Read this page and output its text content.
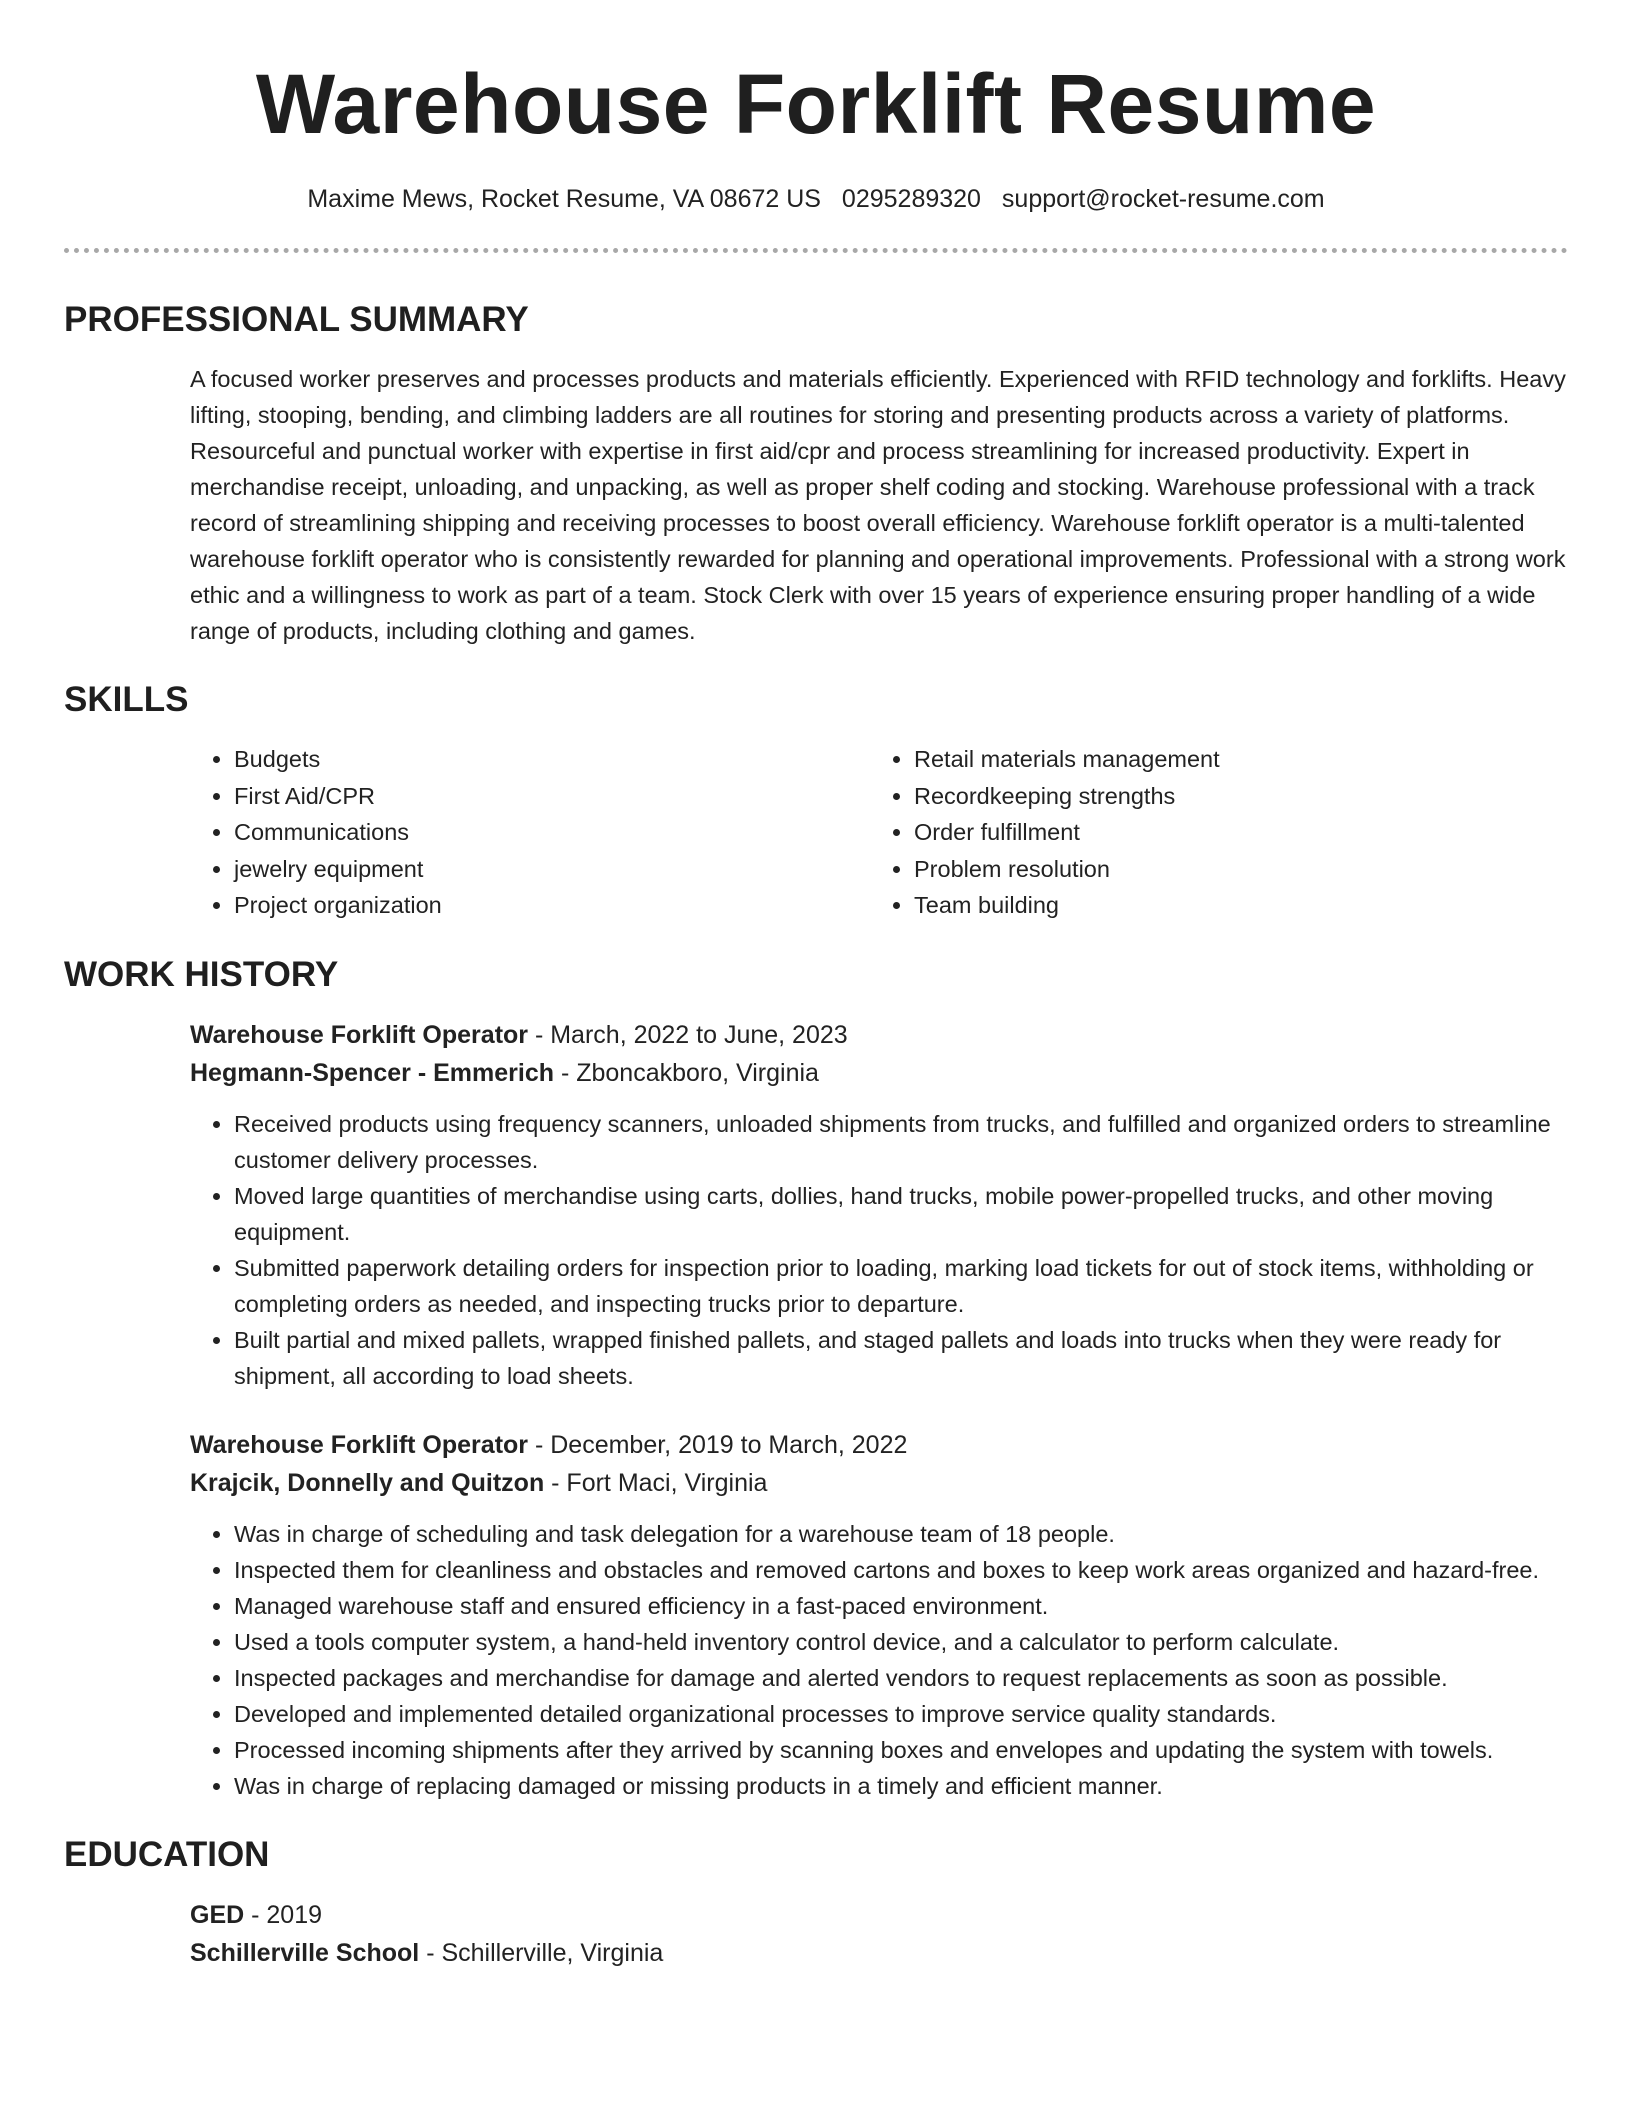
Warehouse Forklift Resume
Maxime Mews, Rocket Resume, VA 08672 US 0295289320 support@rocket-resume.com
PROFESSIONAL SUMMARY

A focused worker preserves and processes products and materials efficiently. Experienced with RFID technology and forklifts. Heavy lifting, stooping, bending, and climbing ladders are all routines for storing and presenting products across a variety of platforms. Resourceful and punctual worker with expertise in first aid/cpr and process streamlining for increased productivity. Expert in merchandise receipt, unloading, and unpacking, as well as proper shelf coding and stocking. Warehouse professional with a track record of streamlining shipping and receiving processes to boost overall efficiency. Warehouse forklift operator is a multi-talented warehouse forklift operator who is consistently rewarded for planning and operational improvements. Professional with a strong work ethic and a willingness to work as part of a team. Stock Clerk with over 15 years of experience ensuring proper handling of a wide range of products, including clothing and games.

SKILLS
• Budgets
• First Aid/CPR
• Communications
• jewelry equipment
• Project organization
• Retail materials management
• Recordkeeping strengths
• Order fulfillment
• Problem resolution
• Team building
WORK HISTORY
Warehouse Forklift Operator - March, 2022 to June, 2023
Hegmann-Spencer - Emmerich - Zboncakboro, Virginia
• Received products using frequency scanners, unloaded shipments from trucks, and fulfilled and organized orders to streamline customer delivery processes.
• Moved large quantities of merchandise using carts, dollies, hand trucks, mobile power-propelled trucks, and other moving equipment.
• Submitted paperwork detailing orders for inspection prior to loading, marking load tickets for out of stock items, withholding or completing orders as needed, and inspecting trucks prior to departure.
• Built partial and mixed pallets, wrapped finished pallets, and staged pallets and loads into trucks when they were ready for shipment, all according to load sheets.
Warehouse Forklift Operator - December, 2019 to March, 2022
Krajcik, Donnelly and Quitzon - Fort Maci, Virginia
• Was in charge of scheduling and task delegation for a warehouse team of 18 people.
• Inspected them for cleanliness and obstacles and removed cartons and boxes to keep work areas organized and hazard-free.
• Managed warehouse staff and ensured efficiency in a fast-paced environment.
• Used a tools computer system, a hand-held inventory control device, and a calculator to perform calculate.
• Inspected packages and merchandise for damage and alerted vendors to request replacements as soon as possible.
• Developed and implemented detailed organizational processes to improve service quality standards.
• Processed incoming shipments after they arrived by scanning boxes and envelopes and updating the system with towels.
• Was in charge of replacing damaged or missing products in a timely and efficient manner.
EDUCATION
GED - 2019
Schillerville School - Schillerville, Virginia
